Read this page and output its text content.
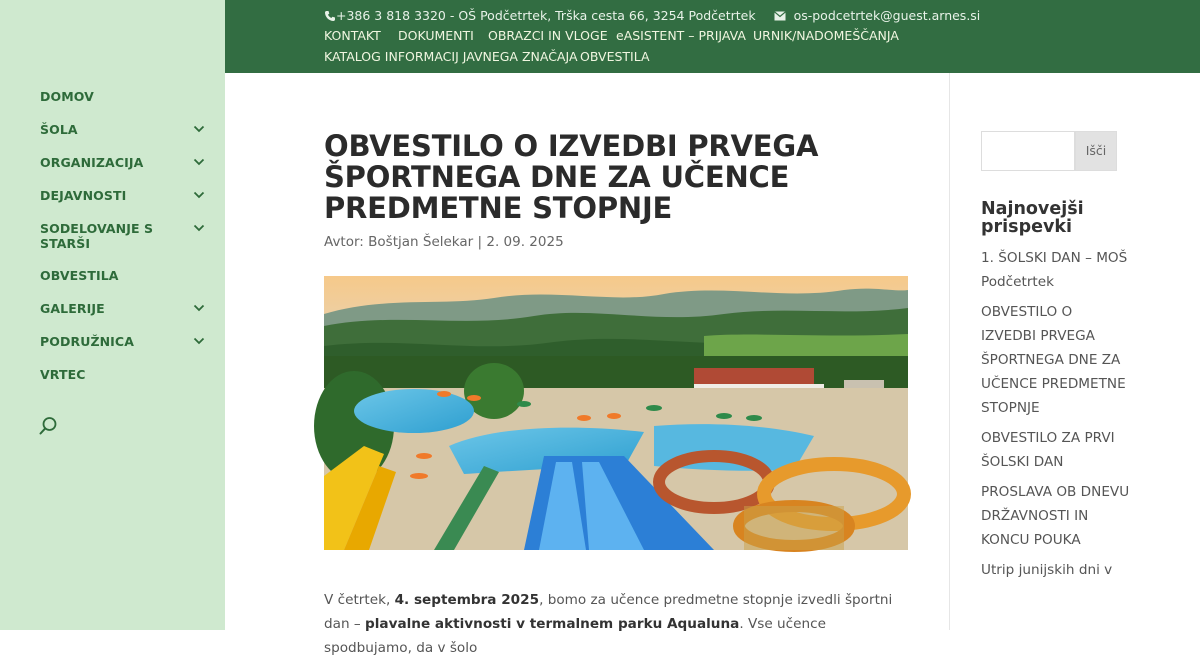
DOMOV
ŠOLA
ORGANIZACIJA
DEJAVNOSTI
SODELOVANJE S STARŠI
OBVESTILA
GALERIJE
PODRUŽNICA
VRTEC
+386 3 818 3320 - OŠ Podčetrtek, Trška cesta 66, 3254 Podčetrtek	os-podcetrtek@guest.arnes.si
KONTAKT DOKUMENTI OBRAZCI IN VLOGE eASISTENT – PRIJAVA URNIK/NADOMEŠČANJA
KATALOG INFORMACIJ JAVNEGA ZNAČAJA OBVESTILA
OBVESTILO O IZVEDBI PRVEGA ŠPORTNEGA DNE ZA UČENCE PREDMETNE STOPNJE
Avtor: Boštjan Šelekar | 2. 09. 2025
V četrtek, 4. septembra 2025, bomo za učence predmetne stopnje izvedli športni dan – plavalne aktivnosti v termalnem parku Aqualuna. Vse učence spodbujamo, da v šolo
Išči
Najnovejši prispevki
1. ŠOLSKI DAN – MOŠ Podčetrtek
OBVESTILO O IZVEDBI PRVEGA ŠPORTNEGA DNE ZA UČENCE PREDMETNE STOPNJE
OBVESTILO ZA PRVI ŠOLSKI DAN
PROSLAVA OB DNEVU DRŽAVNOSTI IN KONCU POUKA
Utrip junijskih dni v
